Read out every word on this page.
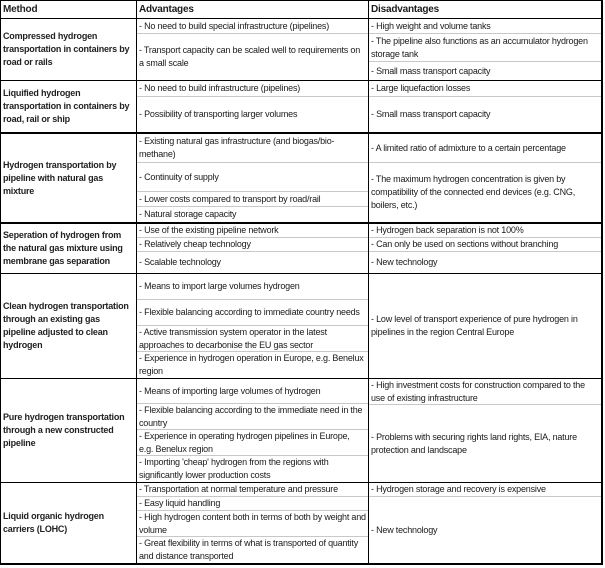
Method	Advantages	Disadvantages
Compressed hydrogen transportation in containers by road or rails
- No need to build special infrastructure (pipelines)
- Transport capacity can be scaled well to requirements on a small scale
- High weight and volume tanks
- The pipeline also functions as an accumulator hydrogen storage tank
- Small mass transport capacity
Liquified hydrogen transportation in containers by road, rail or ship
- No need to build infrastructure (pipelines)
- Possibility of transporting larger volumes
- Large liquefaction losses
- Small mass transport capacity
Hydrogen transportation by pipeline with natural gas mixture
- Existing natural gas infrastructure (and biogas/bio-methane)
- Continuity of supply
- Lower costs compared to transport by road/rail
- Natural storage capacity
- A limited ratio of admixture to a certain percentage
- The maximum hydrogen concentration is given by compatibility of the connected end devices (e.g. CNG, boilers, etc.)
Seperation of hydrogen from the natural gas mixture using membrane gas separation
- Use of the existing pipeline network
- Relatively cheap technology
- Scalable technology
- Hydrogen back separation is not 100%
- Can only be used on sections without branching
- New technology
Clean hydrogen transportation through an existing gas pipeline adjusted to clean hydrogen
- Means to import large volumes hydrogen
- Flexible balancing according to immediate country needs
- Active transmission system operator in the latest approaches to decarbonise the EU gas sector
- Experience in hydrogen operation in Europe, e.g. Benelux region
- Low level of transport experience of pure hydrogen in pipelines in the region Central Europe
Pure hydrogen transportation through a new constructed pipeline
- Means of importing large volumes of hydrogen
- Flexible balancing according to the immediate need in the country
- Experience in operating hydrogen pipelines in Europe, e.g. Benelux region
- Importing 'cheap' hydrogen from the regions with significantly lower production costs
- High investment costs for construction compared to the use of existing infrastructure
- Problems with securing rights land rights, EIA, nature protection and landscape
Liquid organic hydrogen carriers (LOHC)
- Transportation at normal temperature and pressure
- Easy liquid handling
- High hydrogen content both in terms of both by weight and volume
- Great flexibility in terms of what is transported of quantity and distance transported
- Hydrogen storage and recovery is expensive
- New technology
